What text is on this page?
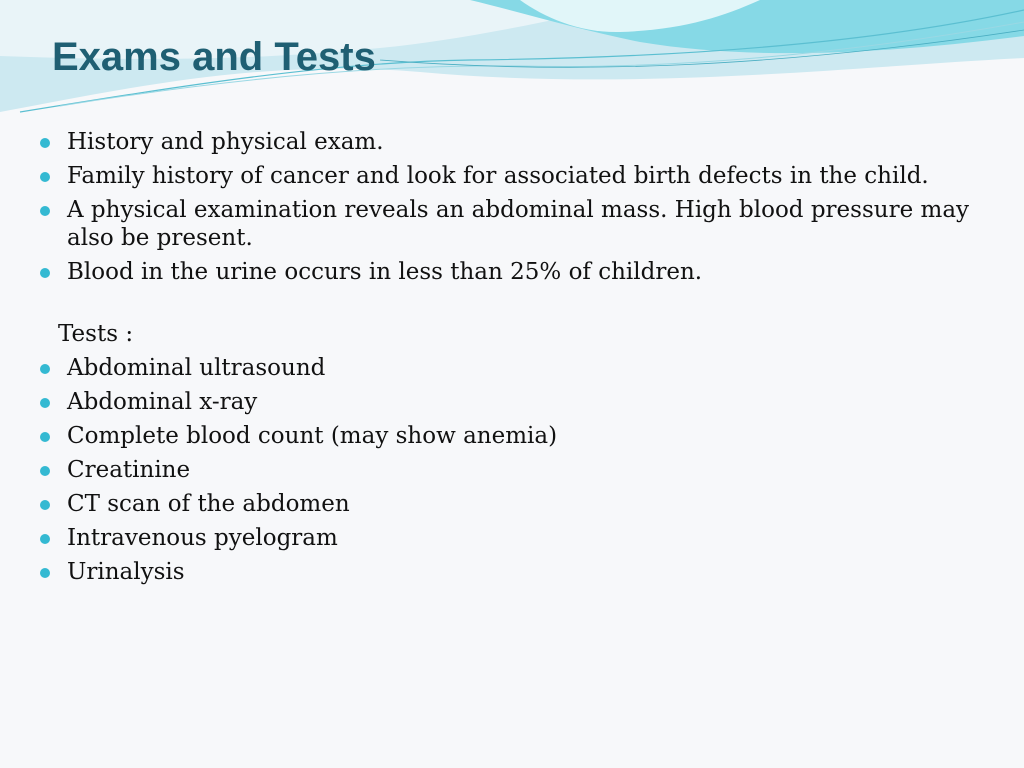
Exams and Tests
History and physical exam.
Family history of cancer and look for associated birth defects in the child.
A physical examination reveals an abdominal mass. High blood pressure may also be present.
Blood in the urine occurs in less than 25% of children.
Tests :
Abdominal ultrasound
Abdominal x-ray
Complete blood count (may show anemia)
Creatinine
CT scan of the abdomen
Intravenous pyelogram
Urinalysis
